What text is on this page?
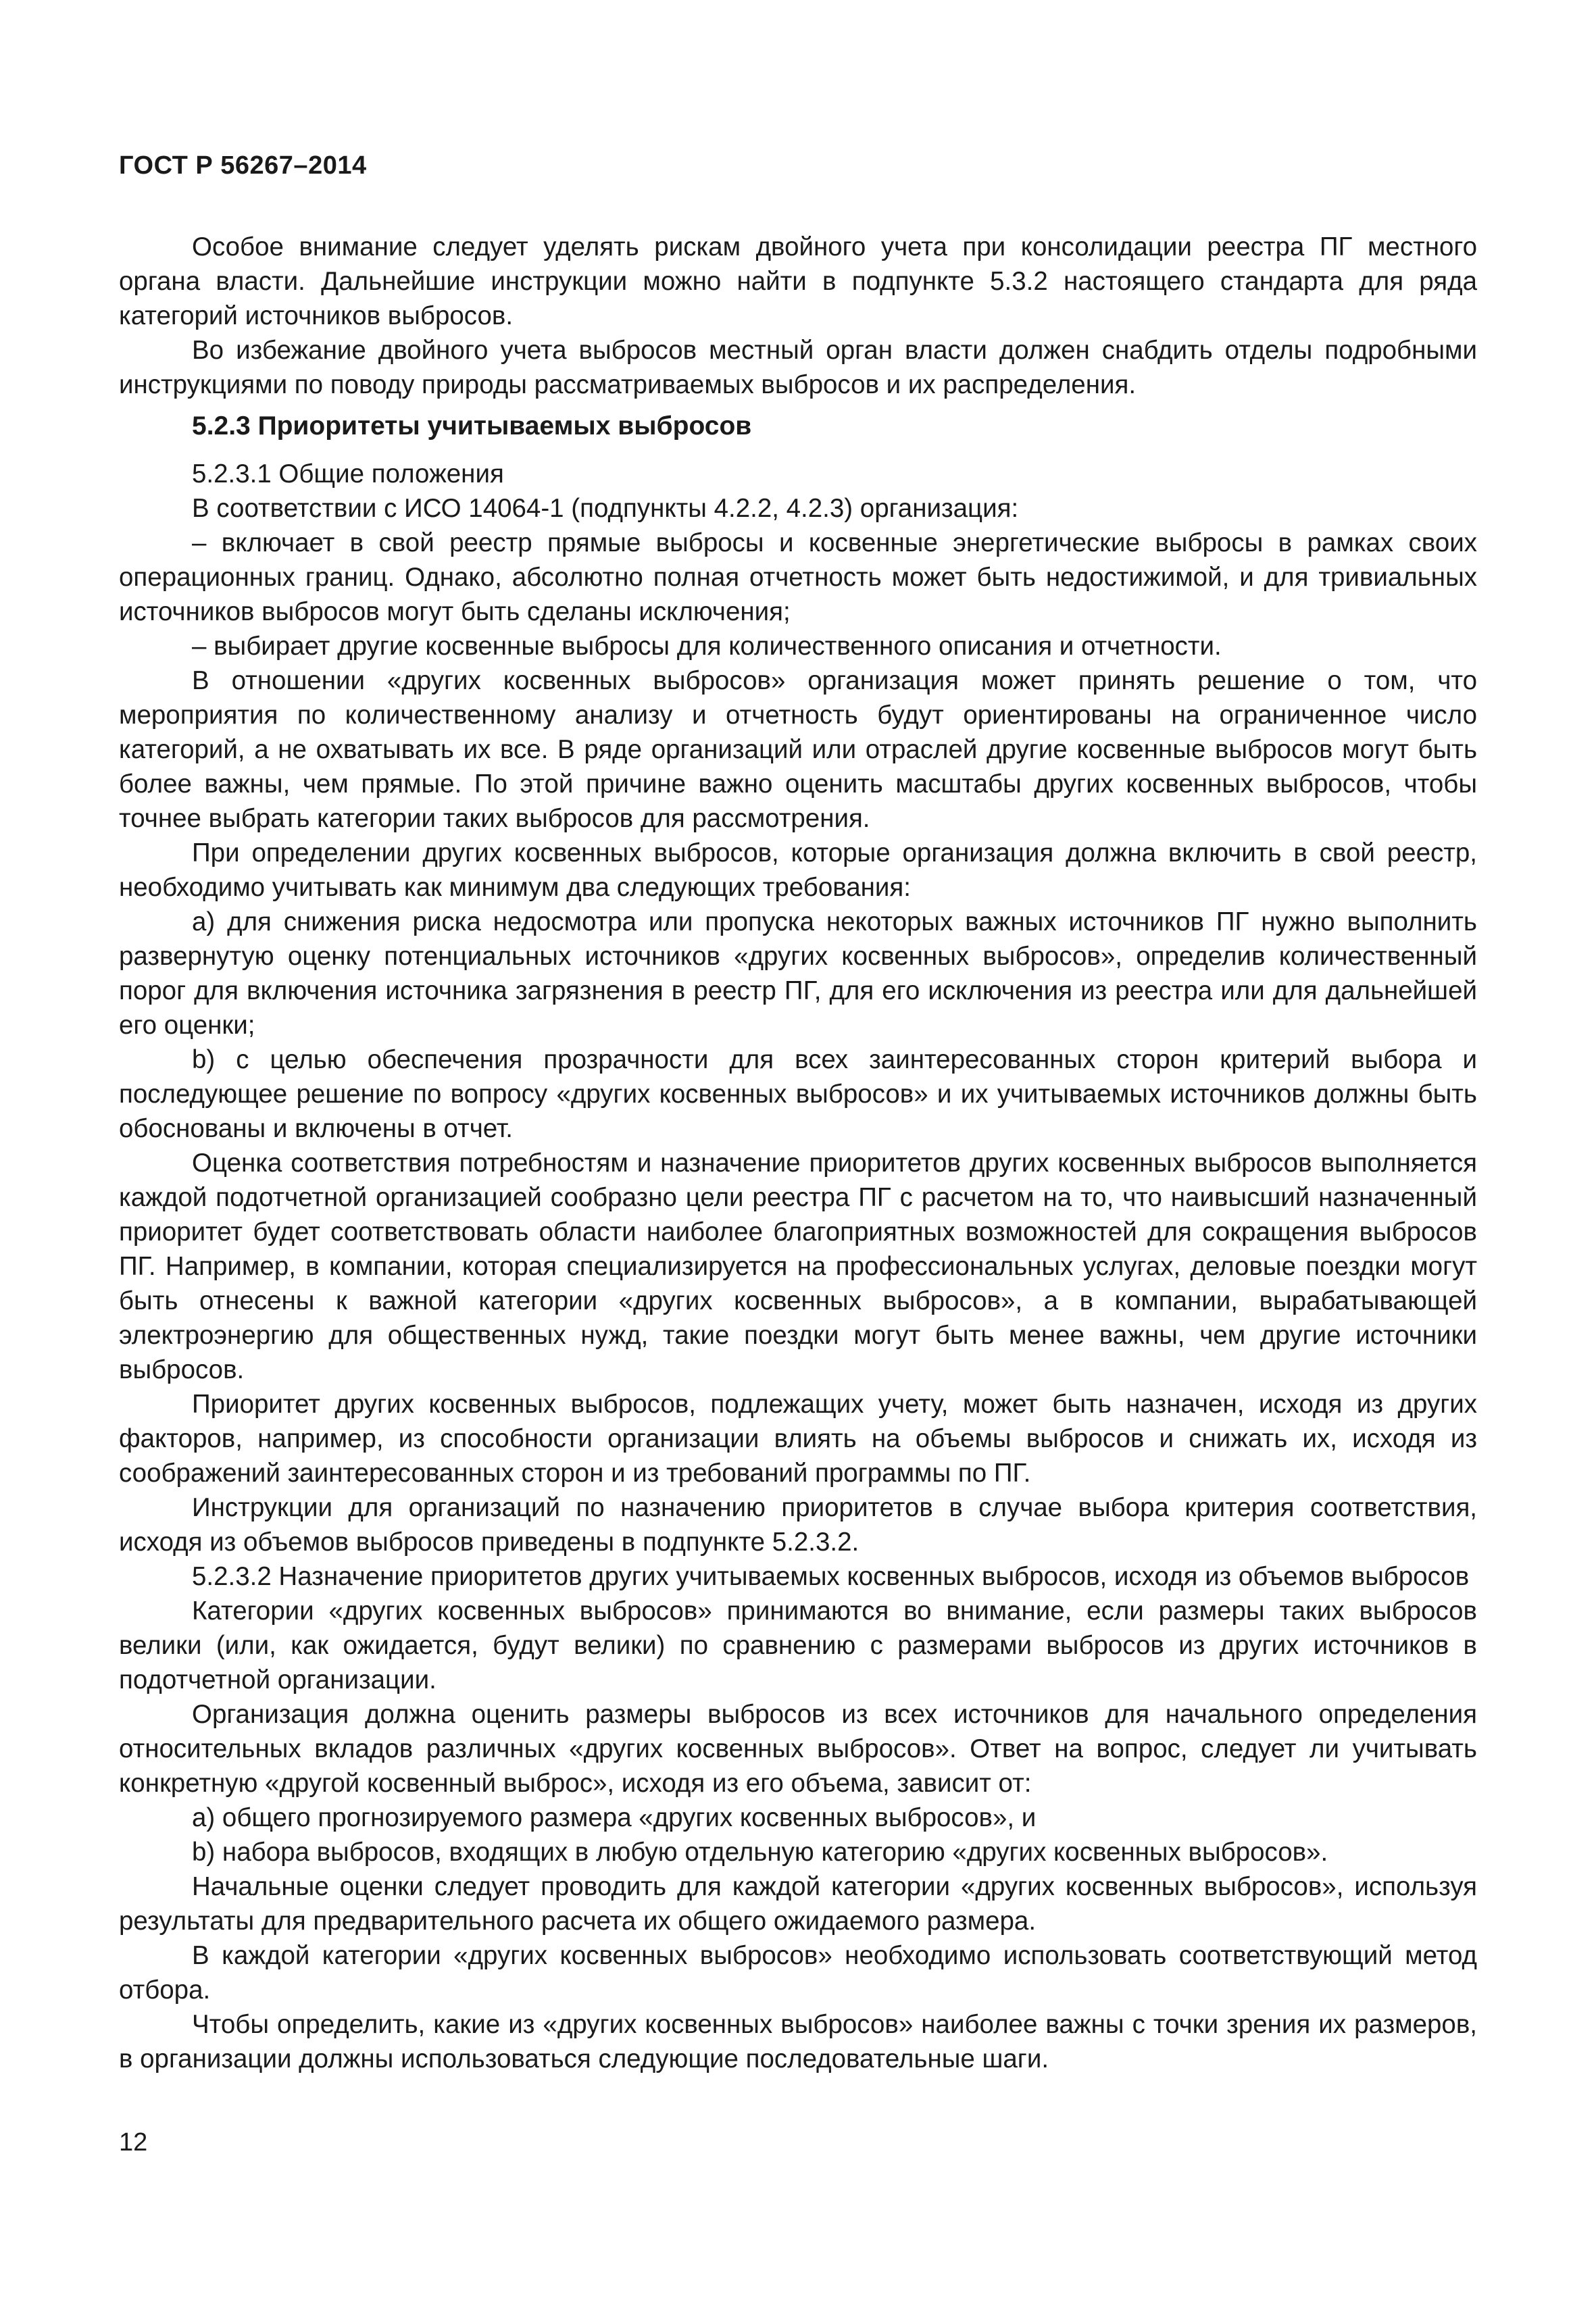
ГОСТ Р 56267–2014

Особое внимание следует уделять рискам двойного учета при консолидации реестра ПГ местного органа власти. Дальнейшие инструкции можно найти в подпункте 5.3.2 настоящего стандарта для ряда категорий источников выбросов.

Во избежание двойного учета выбросов местный орган власти должен снабдить отделы подробными инструкциями по поводу природы рассматриваемых выбросов и их распределения.

5.2.3 Приоритеты учитываемых выбросов

5.2.3.1 Общие положения

В соответствии с ИСО 14064-1 (подпункты 4.2.2, 4.2.3) организация:

– включает в свой реестр прямые выбросы и косвенные энергетические выбросы в рамках своих операционных границ. Однако, абсолютно полная отчетность может быть недостижимой, и для тривиальных источников выбросов могут быть сделаны исключения;

– выбирает другие косвенные выбросы для количественного описания и отчетности.

В отношении «других косвенных выбросов» организация может принять решение о том, что мероприятия по количественному анализу и отчетность будут ориентированы на ограниченное число категорий, а не охватывать их все. В ряде организаций или отраслей другие косвенные выбросов могут быть более важны, чем прямые. По этой причине важно оценить масштабы других косвенных выбросов, чтобы точнее выбрать категории таких выбросов для рассмотрения.

При определении других косвенных выбросов, которые организация должна включить в свой реестр, необходимо учитывать как минимум два следующих требования:

a) для снижения риска недосмотра или пропуска некоторых важных источников ПГ нужно выполнить развернутую оценку потенциальных источников «других косвенных выбросов», определив количественный порог для включения источника загрязнения в реестр ПГ, для его исключения из реестра или для дальнейшей его оценки;

b) с целью обеспечения прозрачности для всех заинтересованных сторон критерий выбора и последующее решение по вопросу «других косвенных выбросов» и их учитываемых источников должны быть обоснованы и включены в отчет.

Оценка соответствия потребностям и назначение приоритетов других косвенных выбросов выполняется каждой подотчетной организацией сообразно цели реестра ПГ с расчетом на то, что наивысший назначенный приоритет будет соответствовать области наиболее благоприятных возможностей для сокращения выбросов ПГ. Например, в компании, которая специализируется на профессиональных услугах, деловые поездки могут быть отнесены к важной категории «других косвенных выбросов», а в компании, вырабатывающей электроэнергию для общественных нужд, такие поездки могут быть менее важны, чем другие источники выбросов.

Приоритет других косвенных выбросов, подлежащих учету, может быть назначен, исходя из других факторов, например, из способности организации влиять на объемы выбросов и снижать их, исходя из соображений заинтересованных сторон и из требований программы по ПГ.

Инструкции для организаций по назначению приоритетов в случае выбора критерия соответствия, исходя из объемов выбросов приведены в подпункте 5.2.3.2.

5.2.3.2 Назначение приоритетов других учитываемых косвенных выбросов, исходя из объемов выбросов

Категории «других косвенных выбросов» принимаются во внимание, если размеры таких выбросов велики (или, как ожидается, будут велики) по сравнению с размерами выбросов из других источников в подотчетной организации.

Организация должна оценить размеры выбросов из всех источников для начального определения относительных вкладов различных «других косвенных выбросов». Ответ на вопрос, следует ли учитывать конкретную «другой косвенный выброс», исходя из его объема, зависит от:

a) общего прогнозируемого размера «других косвенных выбросов», и

b) набора выбросов, входящих в любую отдельную категорию «других косвенных выбросов».

Начальные оценки следует проводить для каждой категории «других косвенных выбросов», используя результаты для предварительного расчета их общего ожидаемого размера.

В каждой категории «других косвенных выбросов» необходимо использовать соответствующий метод отбора.

Чтобы определить, какие из «других косвенных выбросов» наиболее важны с точки зрения их размеров, в организации должны использоваться следующие последовательные шаги.

12
